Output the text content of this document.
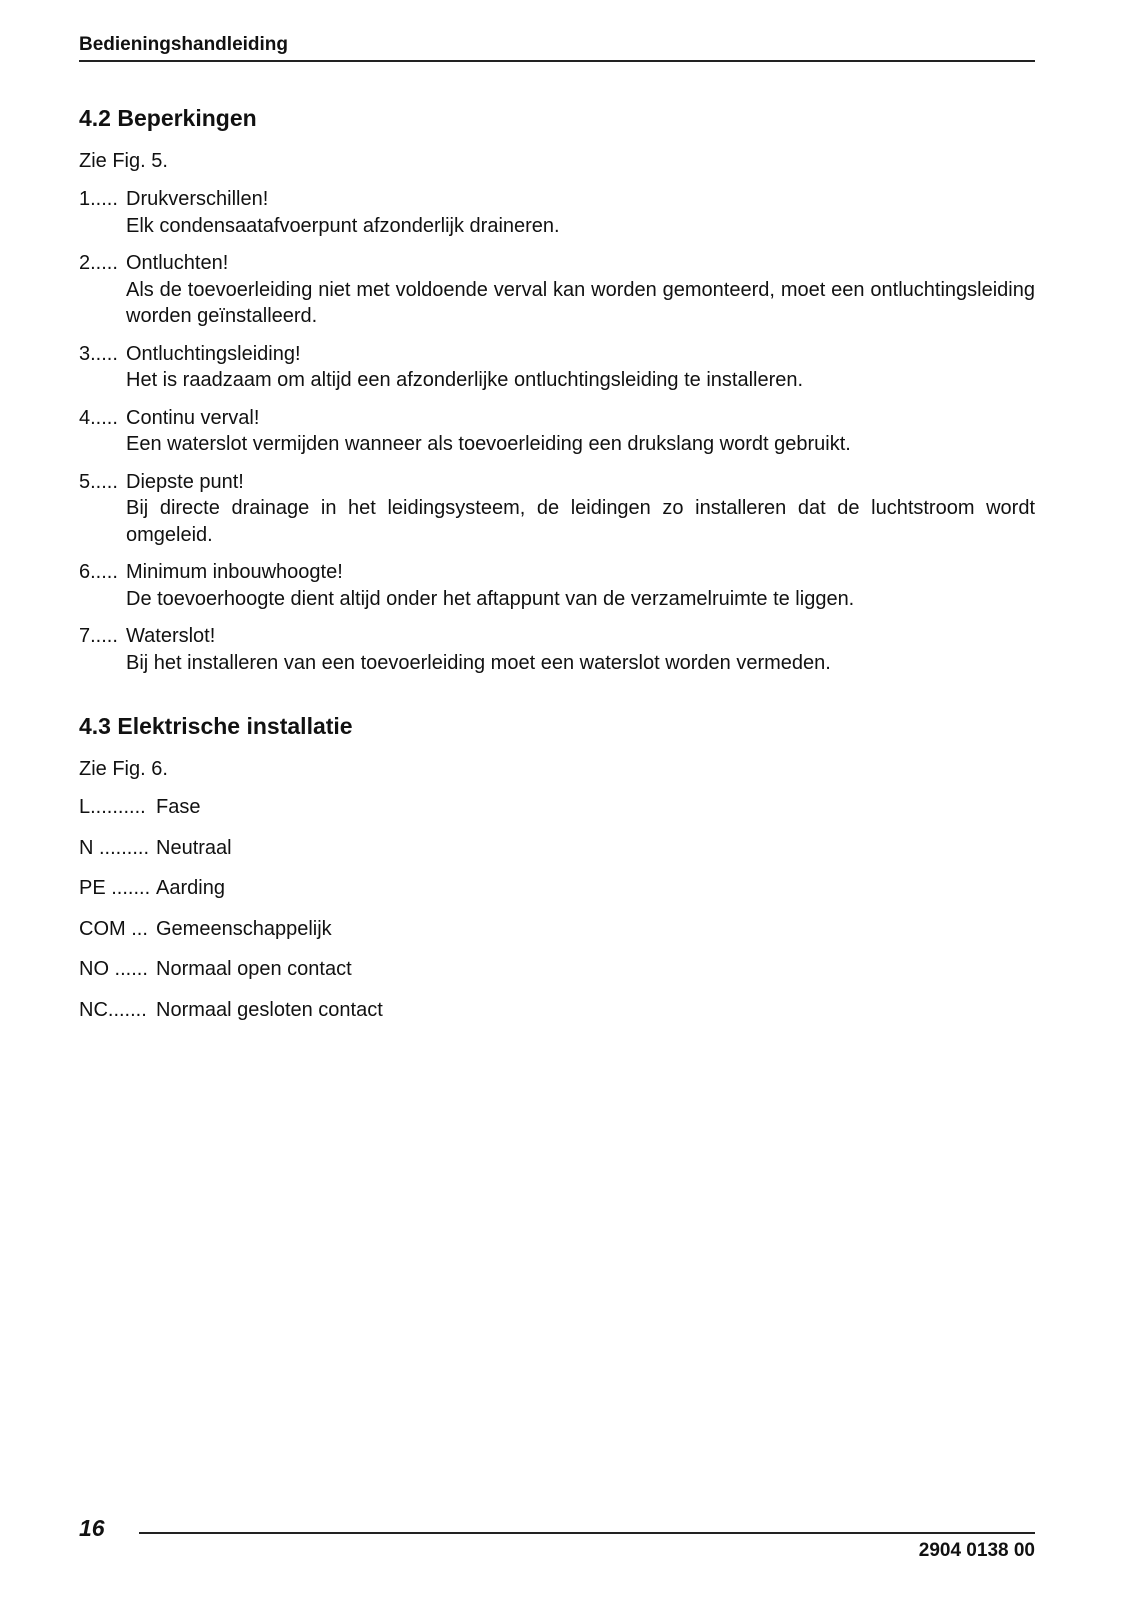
Bedieningshandleiding
4.2 Beperkingen
Zie Fig. 5.
1..... Drukverschillen!
Elk condensaatafvoerpunt afzonderlijk draineren.
2..... Ontluchten!
Als de toevoerleiding niet met voldoende verval kan worden gemonteerd, moet een ontluchtingsleiding worden geïnstalleerd.
3..... Ontluchtingsleiding!
Het is raadzaam om altijd een afzonderlijke ontluchtingsleiding te installeren.
4..... Continu verval!
Een waterslot vermijden wanneer als toevoerleiding een drukslang wordt gebruikt.
5..... Diepste punt!
Bij directe drainage in het leidingsysteem, de leidingen zo installeren dat de luchtstroom wordt omgeleid.
6..... Minimum inbouwhoogte!
De toevoerhoogte dient altijd onder het aftappunt van de verzamelruimte te liggen.
7..... Waterslot!
Bij het installeren van een toevoerleiding moet een waterslot worden vermeden.
4.3 Elektrische installatie
Zie Fig. 6.
L.......... Fase
N ......... Neutraal
PE ....... Aarding
COM ... Gemeenschappelijk
NO ...... Normaal open contact
NC....... Normaal gesloten contact
16
2904 0138 00
